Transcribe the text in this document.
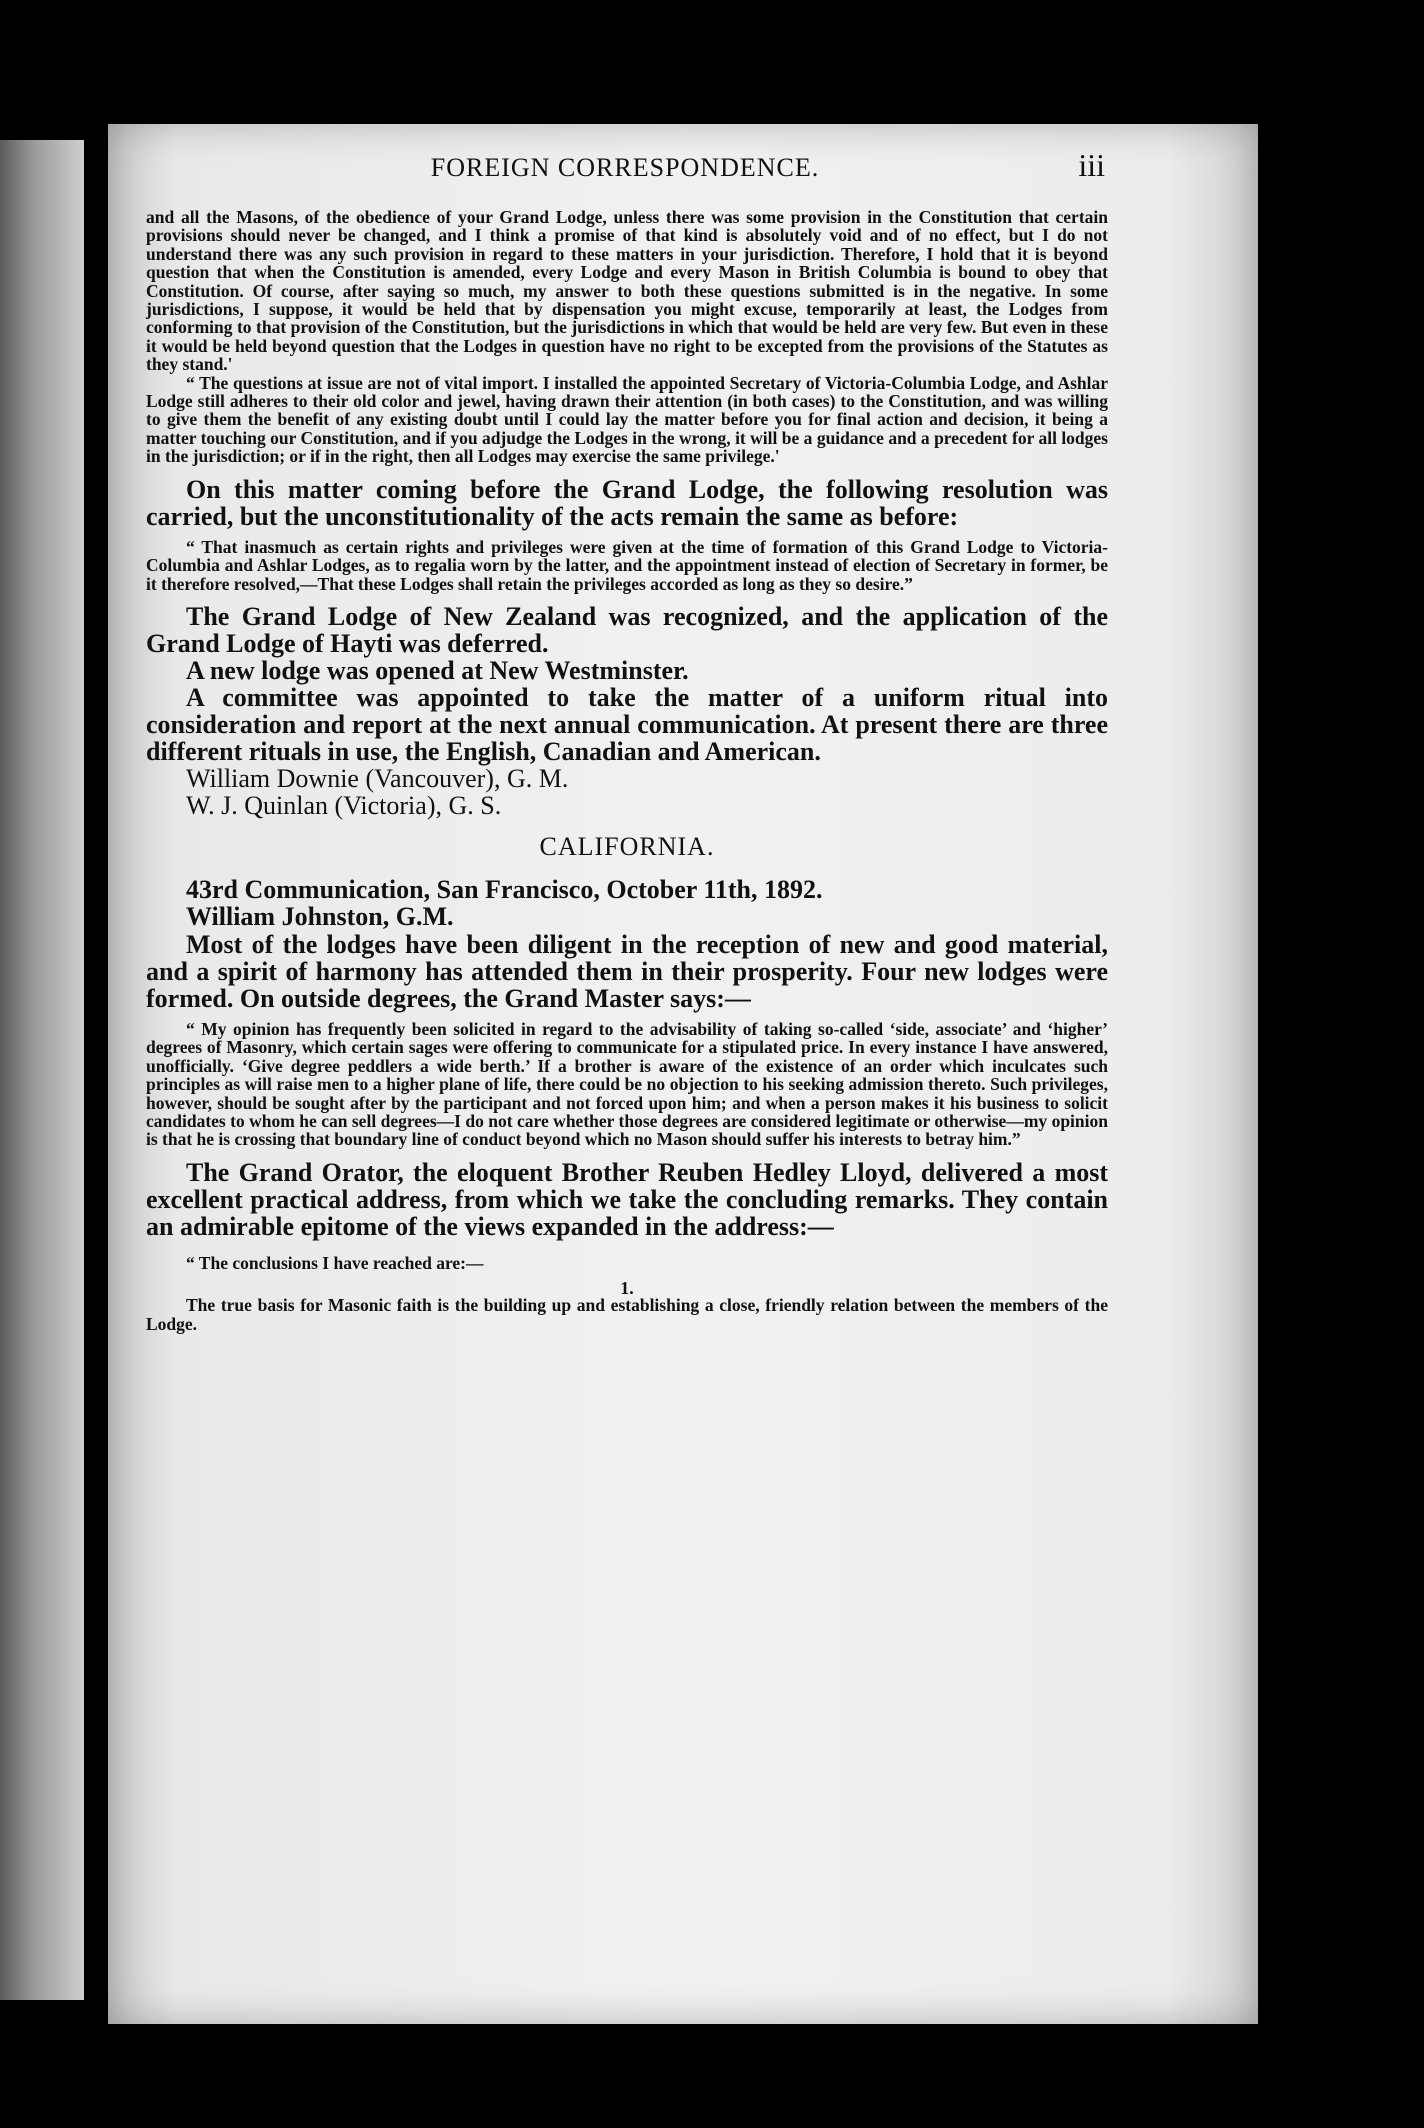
FOREIGN CORRESPONDENCE.	iii

and all the Masons, of the obedience of your Grand Lodge, unless there was some provision in the Constitution that certain provisions should never be changed, and I think a promise of that kind is absolutely void and of no effect, but I do not understand there was any such provision in regard to these matters in your jurisdiction. Therefore, I hold that it is beyond question that when the Constitution is amended, every Lodge and every Mason in British Columbia is bound to obey that Constitution. Of course, after saying so much, my answer to both these questions submitted is in the negative. In some jurisdictions, I suppose, it would be held that by dispensation you might excuse, temporarily at least, the Lodges from conforming to that provision of the Constitution, but the jurisdictions in which that would be held are very few. But even in these it would be held beyond question that the Lodges in question have no right to be excepted from the provisions of the Statutes as they stand.'

“ The questions at issue are not of vital import. I installed the appointed Secretary of Victoria-Columbia Lodge, and Ashlar Lodge still adheres to their old color and jewel, having drawn their attention (in both cases) to the Constitution, and was willing to give them the benefit of any existing doubt until I could lay the matter before you for final action and decision, it being a matter touching our Constitution, and if you adjudge the Lodges in the wrong, it will be a guidance and a precedent for all lodges in the jurisdiction; or if in the right, then all Lodges may exercise the same privilege.'

On this matter coming before the Grand Lodge, the following resolution was carried, but the unconstitutionality of the acts remain the same as before:

“ That inasmuch as certain rights and privileges were given at the time of formation of this Grand Lodge to Victoria-Columbia and Ashlar Lodges, as to regalia worn by the latter, and the appointment instead of election of Secretary in former, be it therefore resolved,—That these Lodges shall retain the privileges accorded as long as they so desire.”

The Grand Lodge of New Zealand was recognized, and the application of the Grand Lodge of Hayti was deferred.

A new lodge was opened at New Westminster.

A committee was appointed to take the matter of a uniform ritual into consideration and report at the next annual communication. At present there are three different rituals in use, the English, Canadian and American.

William Downie (Vancouver), G. M.

W. J. Quinlan (Victoria), G. S.

CALIFORNIA.

43rd Communication, San Francisco, October 11th, 1892.

William Johnston, G.M.

Most of the lodges have been diligent in the reception of new and good material, and a spirit of harmony has attended them in their prosperity. Four new lodges were formed. On outside degrees, the Grand Master says:—

“ My opinion has frequently been solicited in regard to the advisability of taking so-called ‘side, associate’ and ‘higher’ degrees of Masonry, which certain sages were offering to communicate for a stipulated price. In every instance I have answered, unofficially. ‘Give degree peddlers a wide berth.’ If a brother is aware of the existence of an order which inculcates such principles as will raise men to a higher plane of life, there could be no objection to his seeking admission thereto. Such privileges, however, should be sought after by the participant and not forced upon him; and when a person makes it his business to solicit candidates to whom he can sell degrees—I do not care whether those degrees are considered legitimate or otherwise—my opinion is that he is crossing that boundary line of conduct beyond which no Mason should suffer his interests to betray him.”

The Grand Orator, the eloquent Brother Reuben Hedley Lloyd, delivered a most excellent practical address, from which we take the concluding remarks. They contain an admirable epitome of the views expanded in the address:—

“ The conclusions I have reached are:—

1.

The true basis for Masonic faith is the building up and establishing a close, friendly relation between the members of the Lodge.
